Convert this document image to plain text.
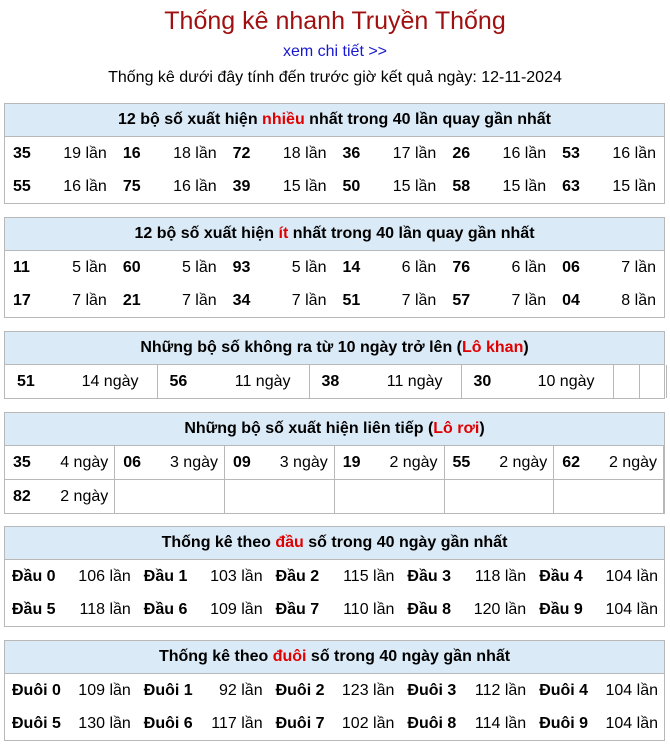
Thống kê nhanh Truyền Thống
xem chi tiết >>
Thống kê dưới đây tính đến trước giờ kết quả ngày: 12-11-2024
12 bộ số xuất hiện nhiều nhất trong 40 lần quay gần nhất
35 19 lần	16 18 lần	72 18 lần	36 17 lần	26 16 lần	53 16 lần

55 16 lần	75 16 lần	39 15 lần	50 15 lần	58 15 lần	63 15 lần
12 bộ số xuất hiện ít nhất trong 40 lần quay gần nhất
11 5 lần	60 5 lần	93 5 lần	14 6 lần	76 6 lần	06 7 lần

17 7 lần	21 7 lần	34 7 lần	51 7 lần	57 7 lần	04 8 lần
Những bộ số không ra từ 10 ngày trở lên (Lô khan)
51	14 ngày	56	11 ngày	38	11 ngày	30	10 ngày

Những bộ số xuất hiện liên tiếp (Lô rơi)
35 4 ngày	06 3 ngày	09 3 ngày	19 2 ngày	55 2 ngày	62 2 ngày

82 2 ngày					

Thống kê theo đầu số trong 40 ngày gần nhất
Đầu 0 106 lần	Đầu 1 103 lần	Đầu 2 115 lần	Đầu 3 118 lần	Đầu 4 104 lần

Đầu 5 118 lần	Đầu 6 109 lần	Đầu 7 110 lần	Đầu 8 120 lần	Đầu 9 104 lần
Thống kê theo đuôi số trong 40 ngày gần nhất
Đuôi 0 109 lần	Đuôi 1 92 lần	Đuôi 2 123 lần	Đuôi 3 112 lần	Đuôi 4 104 lần

Đuôi 5 130 lần	Đuôi 6 117 lần	Đuôi 7 102 lần	Đuôi 8 114 lần	Đuôi 9 104 lần
